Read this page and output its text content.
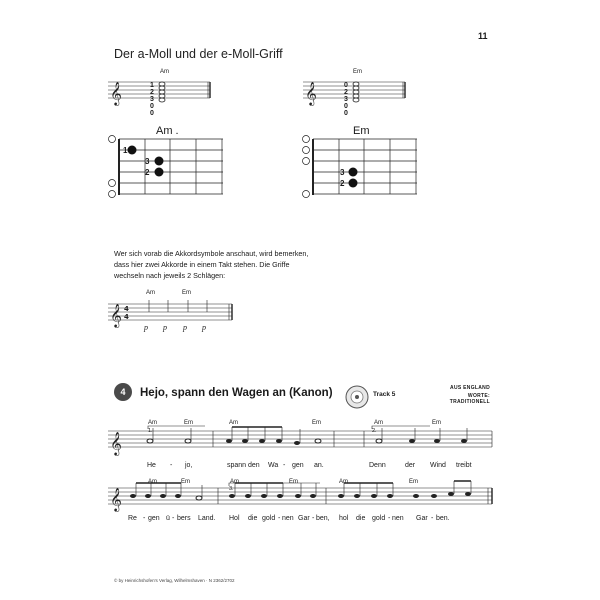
11
Der a-Moll und der e-Moll-Griff
Am	Em
1
2
3
0
0
0
2
3
0
0
Am .	Em
1
3
2	3
2
Wer sich vorab die Akkordsymbole anschaut, wird bemerken, dass hier zwei Akkorde in einem Takt stehen. Die Griffe wechseln nach jeweils 2 Schlägen:
Am	Em
p p p p
4	Hejo, spann den Wagen an (Kanon)	Track 5
AUS ENGLAND
WORTE: TRADITIONELL
Am	Em	Am	Em	Am	Em
1.	2.
He - jo,	spann den Wa - gen an.	Denn	der Wind treibt
Am	Em	Am	Em	Am	Em
3.
Re - gen ü - bers Land. Hol die gold - nen Gar - ben, hol die gold - nen Gar - ben.
© by Heinrichshofen's Verlag, Wilhelmshaven · N 2362/2702
𝄞	𝄞
𝄞
𝄞
𝄞
4
4
